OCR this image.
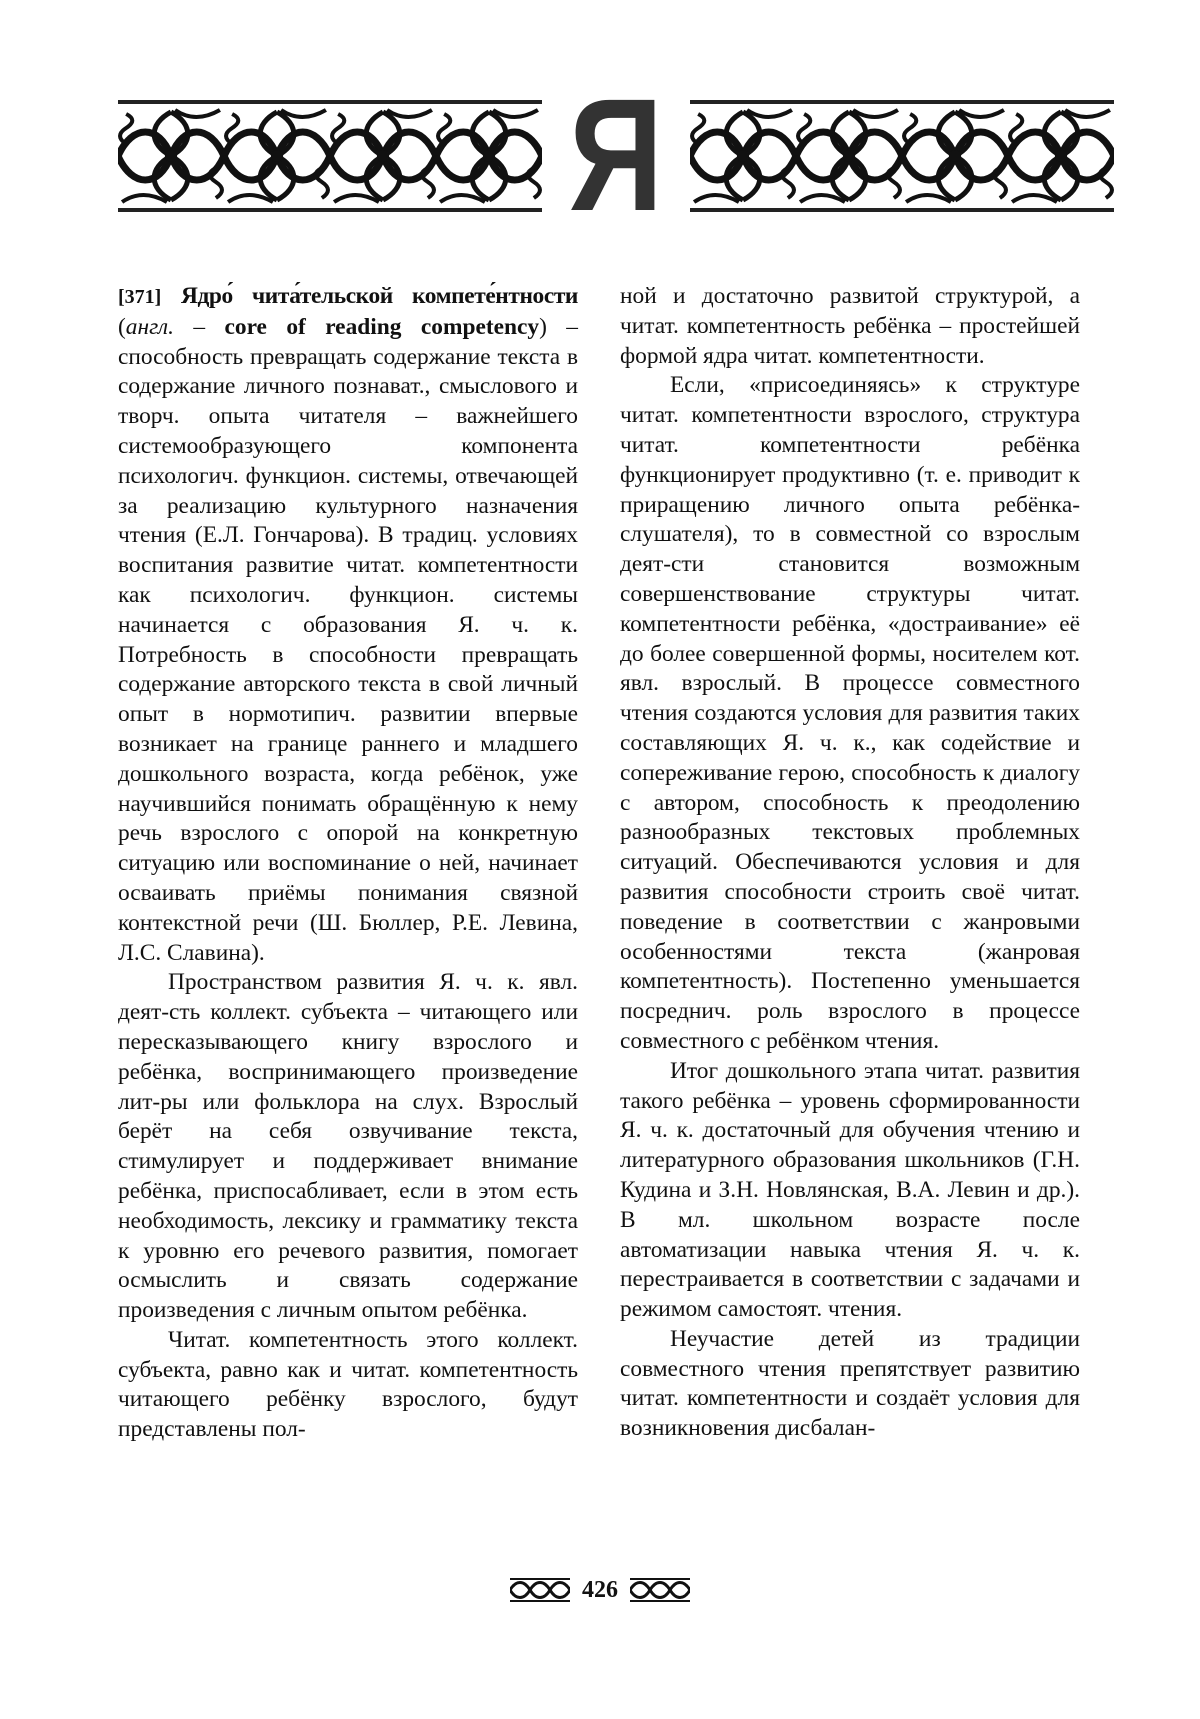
Я

[371] Ядро́ чита́тельской компете́нтности (англ. – core of reading competency) – способность превращать содержание текста в содержание личного познават., смыслового и творч. опыта читателя – важнейшего системообразующего компонента психологич. функцион. системы, отвечающей за реализацию культурного назначения чтения (Е.Л. Гончарова). В традиц. условиях воспитания развитие читат. компетентности как психологич. функцион. системы начинается с образования Я. ч. к. Потребность в способности превращать содержание авторского текста в свой личный опыт в нормотипич. развитии впервые возникает на границе раннего и младшего дошкольного возраста, когда ребёнок, уже научившийся понимать обращённую к нему речь взрослого с опорой на конкретную ситуацию или воспоминание о ней, начинает осваивать приёмы понимания связной контекстной речи (Ш. Бюллер, Р.Е. Левина, Л.С. Славина).

Пространством развития Я. ч. к. явл. деят-сть коллект. субъекта – читающего или пересказывающего книгу взрослого и ребёнка, воспринимающего произведение лит-ры или фольклора на слух. Взрослый берёт на себя озвучивание текста, стимулирует и поддерживает внимание ребёнка, приспосабливает, если в этом есть необходимость, лексику и грамматику текста к уровню его речевого развития, помогает осмыслить и связать содержание произведения с личным опытом ребёнка.

Читат. компетентность этого коллект. субъекта, равно как и читат. компетентность читающего ребёнку взрослого, будут представлены пол-

ной и достаточно развитой структурой, а читат. компетентность ребёнка – простейшей формой ядра читат. компетентности.

Если, «присоединяясь» к структуре читат. компетентности взрослого, структура читат. компетентности ребёнка функционирует продуктивно (т. е. приводит к приращению личного опыта ребёнка-слушателя), то в совместной со взрослым деят-сти становится возможным совершенствование структуры читат. компетентности ребёнка, «достраивание» её до более совершенной формы, носителем кот. явл. взрослый. В процессе совместного чтения создаются условия для развития таких составляющих Я. ч. к., как содействие и сопереживание герою, способность к диалогу с автором, способность к преодолению разнообразных текстовых проблемных ситуаций. Обеспечиваются условия и для развития способности строить своё читат. поведение в соответствии с жанровыми особенностями текста (жанровая компетентность). Постепенно уменьшается посреднич. роль взрослого в процессе совместного с ребёнком чтения.

Итог дошкольного этапа читат. развития такого ребёнка – уровень сформированности Я. ч. к. достаточный для обучения чтению и литературного образования школьников (Г.Н. Кудина и З.Н. Новлянская, В.А. Левин и др.). В мл. школьном возрасте после автоматизации навыка чтения Я. ч. к. перестраивается в соответствии с задачами и режимом самостоят. чтения.

Неучастие детей из традиции совместного чтения препятствует развитию читат. компетентности и создаёт условия для возникновения дисбалан-

426
